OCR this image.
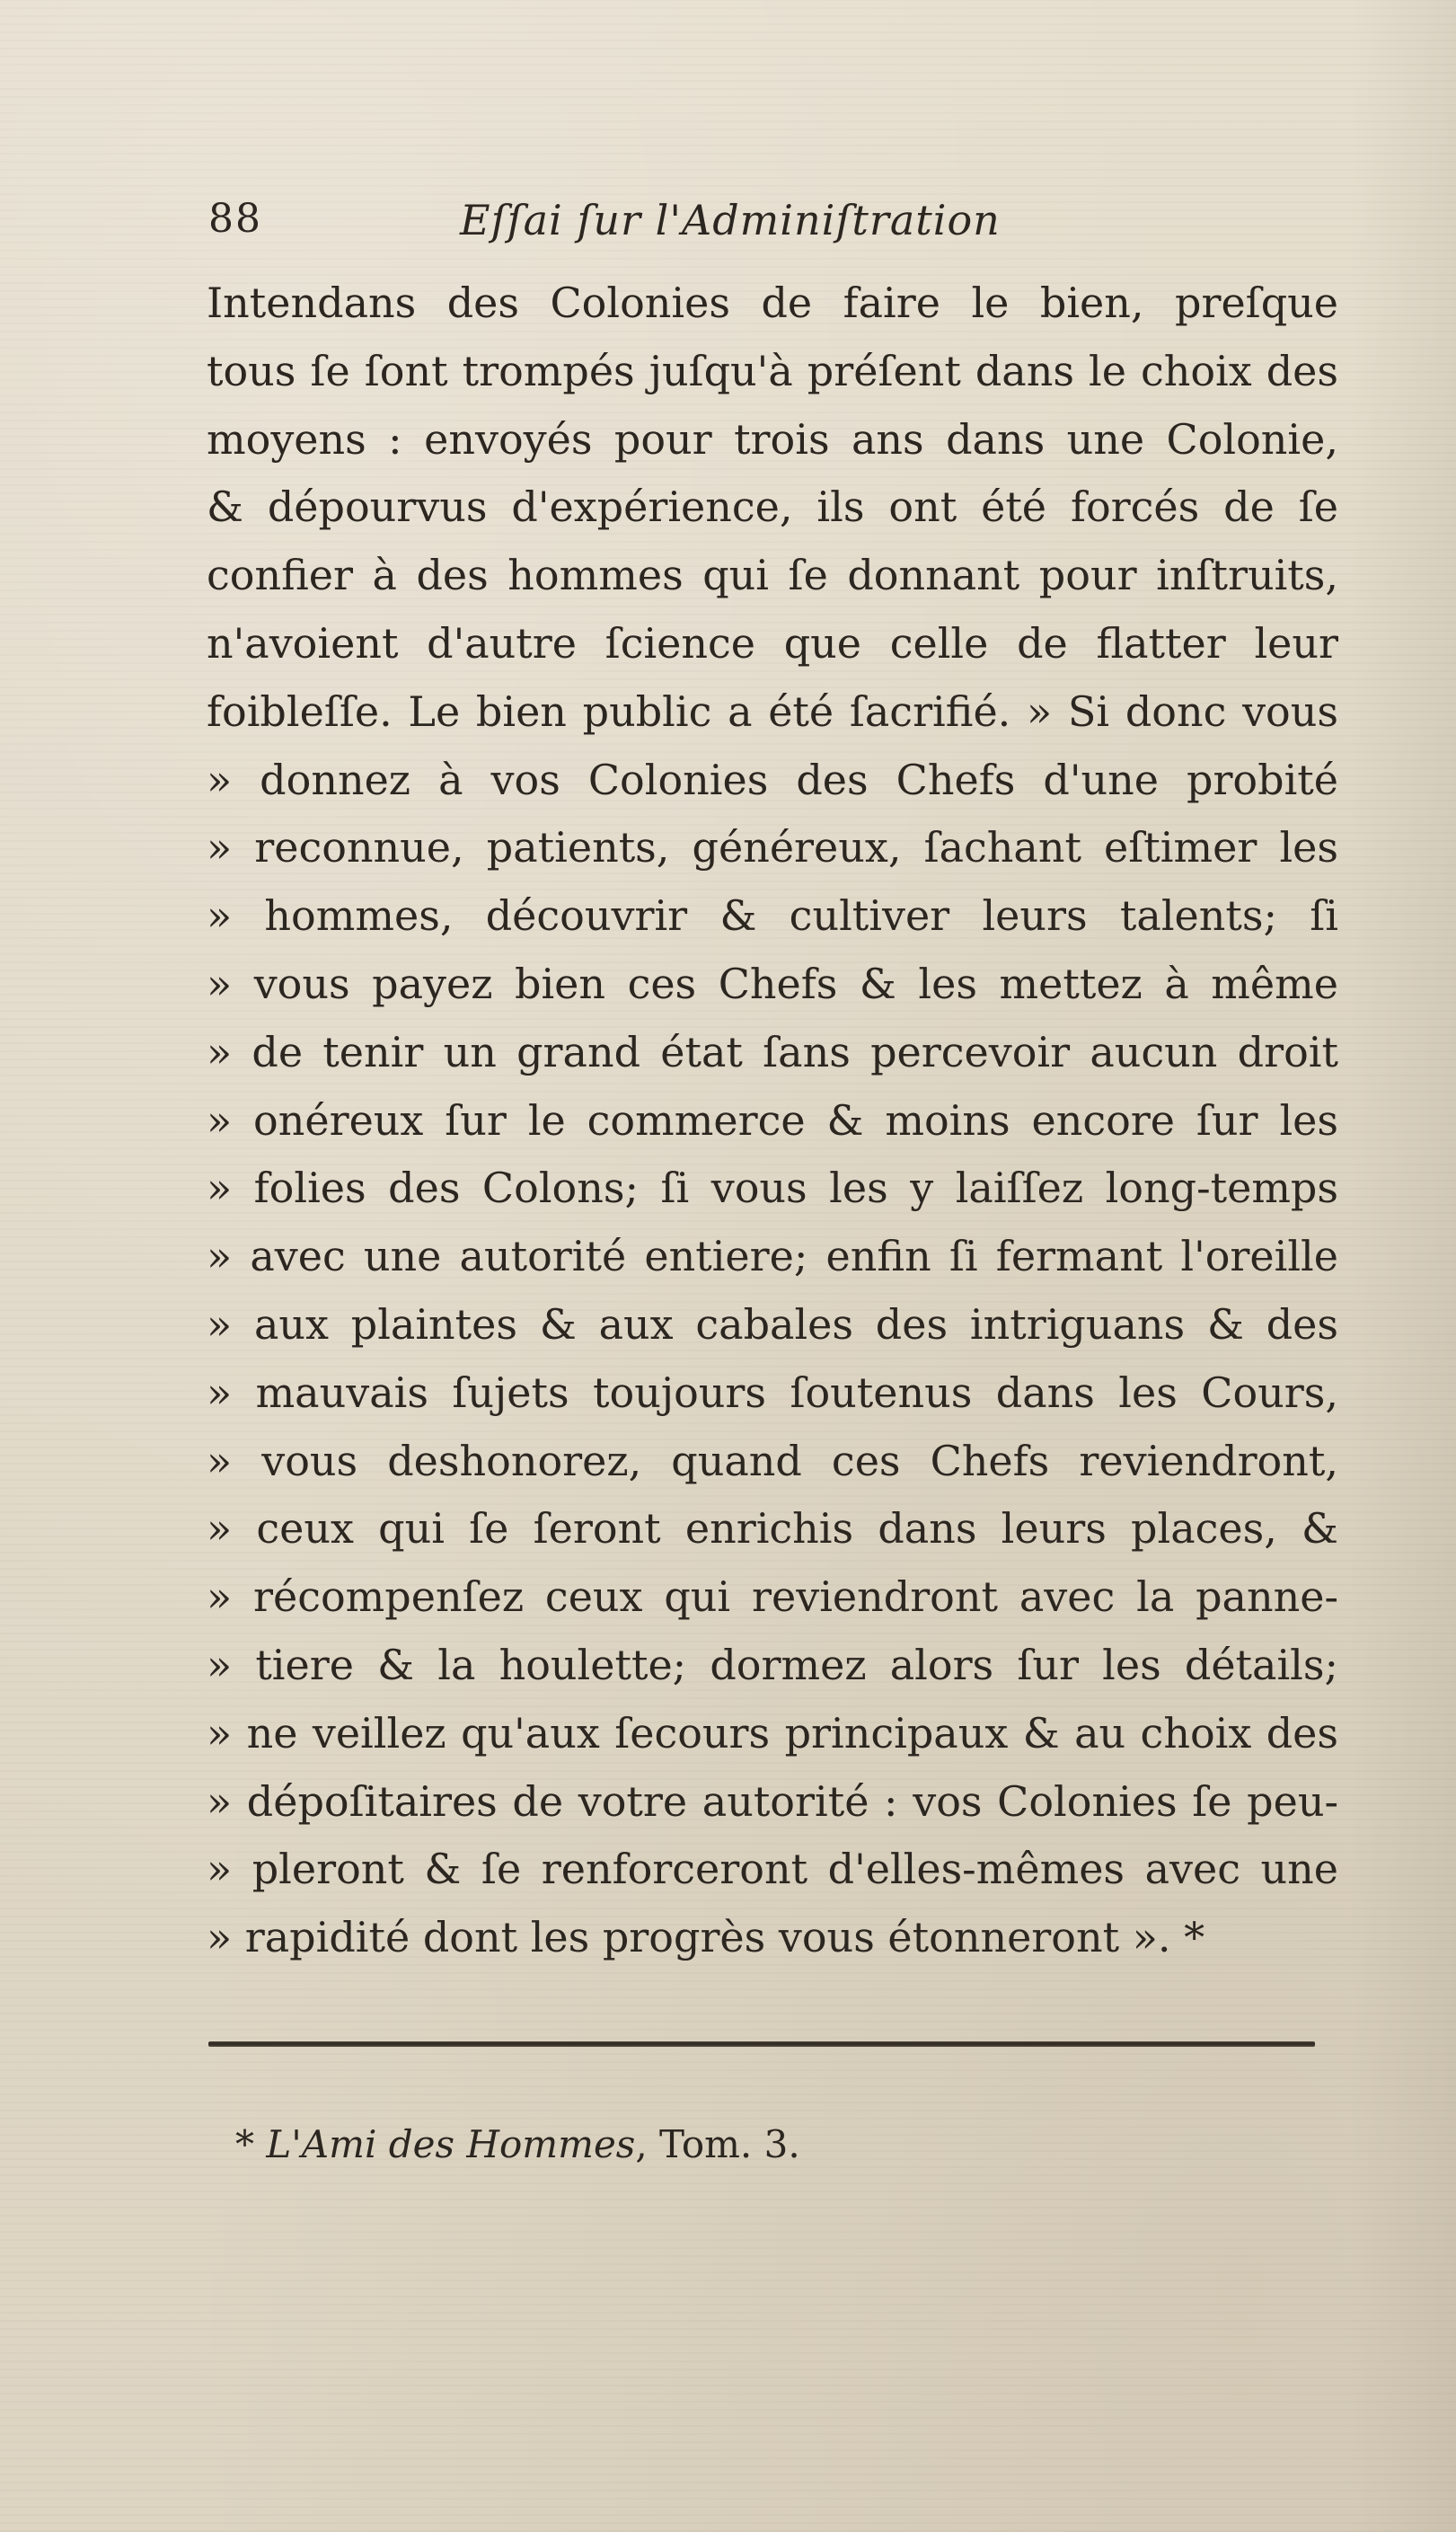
88	Eſſai ſur l'Adminiſtration
Intendans des Colonies de faire le bien, preſque
tous ſe ſont trompés juſqu'à préſent dans le choix des
moyens : envoyés pour trois ans dans une Colonie,
& dépourvus d'expérience, ils ont été forcés de ſe
confier à des hommes qui ſe donnant pour inſtruits,
n'avoient d'autre ſcience que celle de flatter leur
foibleſſe. Le bien public a été ſacrifié. » Si donc vous
» donnez à vos Colonies des Chefs d'une probité
» reconnue, patients, généreux, ſachant eſtimer les
» hommes, découvrir & cultiver leurs talents; ſi
» vous payez bien ces Chefs & les mettez à même
» de tenir un grand état ſans percevoir aucun droit
» onéreux ſur le commerce & moins encore ſur les
» folies des Colons; ſi vous les y laiſſez long-temps
» avec une autorité entiere; enfin ſi fermant l'oreille
» aux plaintes & aux cabales des intriguans & des
» mauvais ſujets toujours ſoutenus dans les Cours,
» vous deshonorez, quand ces Chefs reviendront,
» ceux qui ſe ſeront enrichis dans leurs places, &
» récompenſez ceux qui reviendront avec la panne-
» tiere & la houlette; dormez alors ſur les détails;
» ne veillez qu'aux ſecours principaux & au choix des
» dépoſitaires de votre autorité : vos Colonies ſe peu-
» pleront & ſe renforceront d'elles-mêmes avec une
» rapidité dont les progrès vous étonneront ». *
* L'Ami des Hommes, Tom. 3.
